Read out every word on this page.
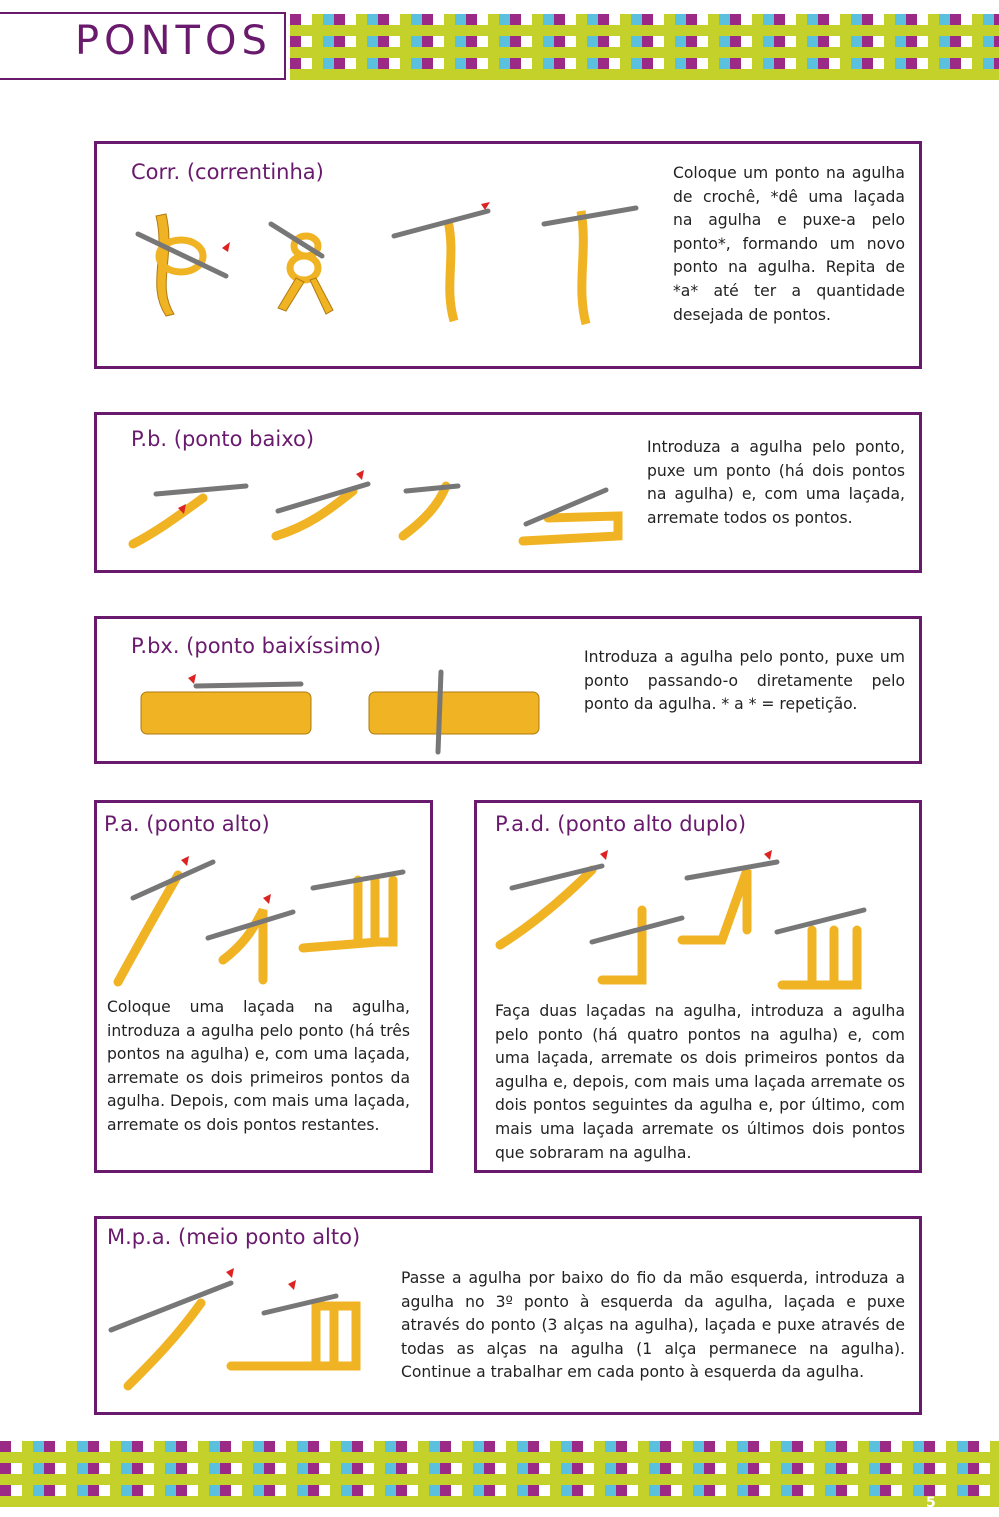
PONTOS
Corr. (correntinha)	Coloque um ponto na agulha de crochê, *dê uma laçada na agulha e puxe-a pelo ponto*, formando um novo ponto na agulha. Repita de *a* até ter a quantidade desejada de pontos.
P.b. (ponto baixo)	Introduza a agulha pelo ponto, puxe um ponto (há dois pontos na agulha) e, com uma laçada, arremate todos os pontos.
P.bx. (ponto baixíssimo)	Introduza a agulha pelo ponto, puxe um ponto passando-o diretamente pelo ponto da agulha. * a * = repetição.
P.a. (ponto alto)
Coloque uma laçada na agulha, introduza a agulha pelo ponto (há três pontos na agulha) e, com uma laçada, arremate os dois primeiros pontos da agulha. Depois, com mais uma laçada, arremate os dois pontos restantes.
P.a.d. (ponto alto duplo)
Faça duas laçadas na agulha, introduza a agulha pelo ponto (há quatro pontos na agulha) e, com uma laçada, arremate os dois primeiros pontos da agulha e, depois, com mais uma laçada arremate os dois pontos seguintes da agulha e, por último, com mais uma laçada arremate os últimos dois pontos que sobraram na agulha.
M.p.a. (meio ponto alto)
Passe a agulha por baixo do fio da mão esquerda, introduza a agulha no 3º ponto à esquerda da agulha, laçada e puxe através do ponto (3 alças na agulha), laçada e puxe através de todas as alças na agulha (1 alça permanece na agulha). Continue a trabalhar em cada ponto à esquerda da agulha.
5
